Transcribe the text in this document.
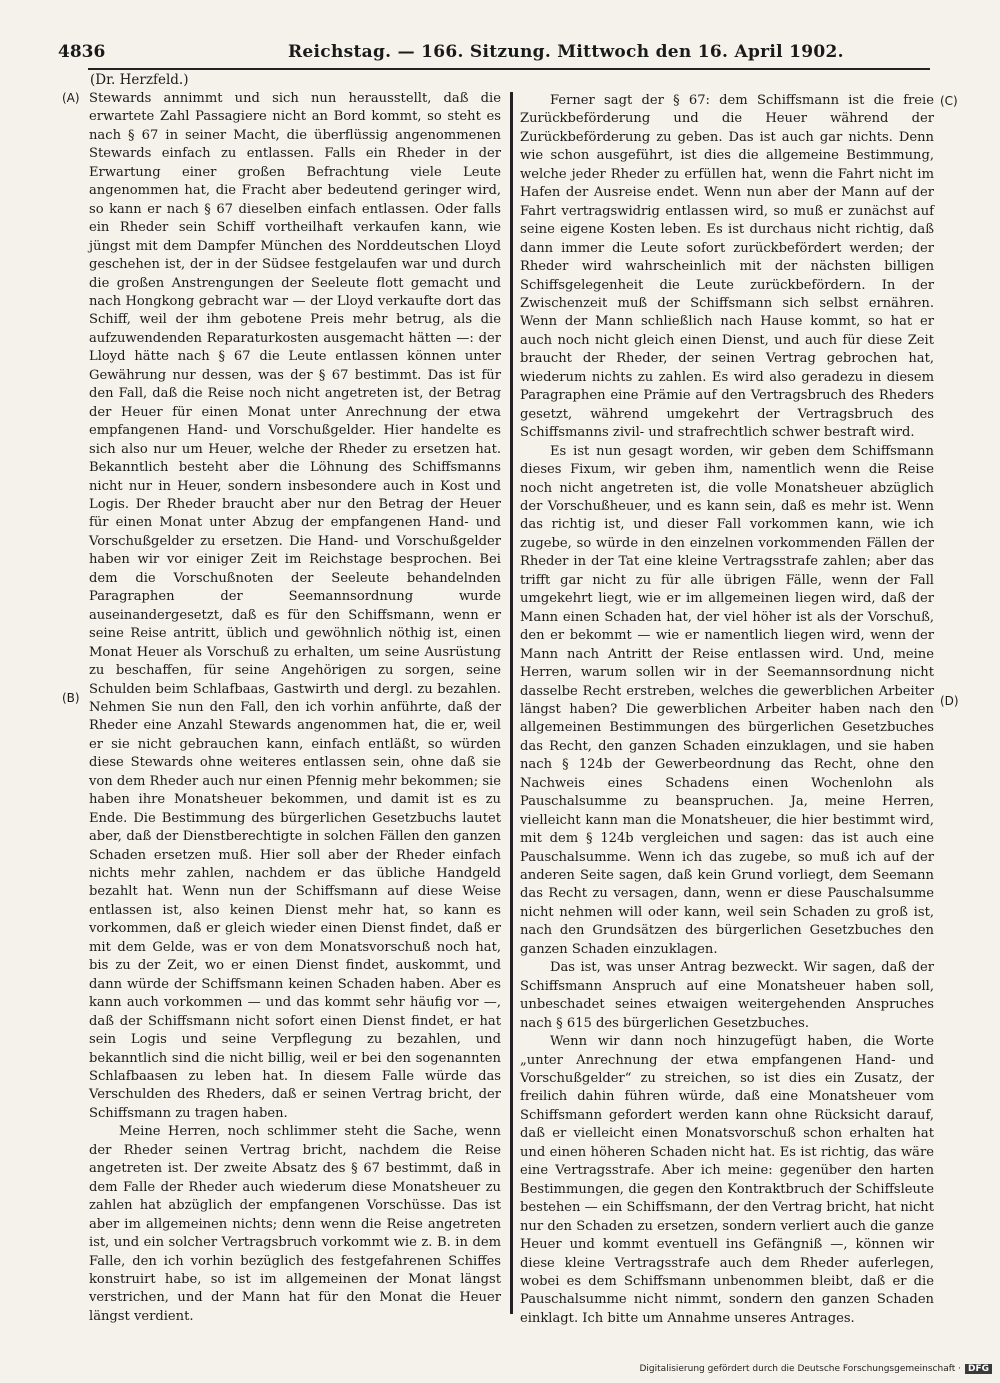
4836	Reichstag. — 166. Sitzung. Mittwoch den 16. April 1902.
(Dr. Herzfeld.)
(A)
(B)
(C)
(D)

Stewards annimmt und sich nun herausstellt, daß die erwartete Zahl Passagiere nicht an Bord kommt, so steht es nach § 67 in seiner Macht, die überflüssig angenommenen Stewards einfach zu entlassen. Falls ein Rheder in der Erwartung einer großen Befrachtung viele Leute angenommen hat, die Fracht aber bedeutend geringer wird, so kann er nach § 67 dieselben einfach entlassen. Oder falls ein Rheder sein Schiff vortheilhaft verkaufen kann, wie jüngst mit dem Dampfer München des Norddeutschen Lloyd geschehen ist, der in der Südsee festgelaufen war und durch die großen Anstrengungen der Seeleute flott gemacht und nach Hongkong gebracht war — der Lloyd verkaufte dort das Schiff, weil der ihm gebotene Preis mehr betrug, als die aufzuwendenden Reparaturkosten ausgemacht hätten —: der Lloyd hätte nach § 67 die Leute entlassen können unter Gewährung nur dessen, was der § 67 bestimmt. Das ist für den Fall, daß die Reise noch nicht angetreten ist, der Betrag der Heuer für einen Monat unter Anrechnung der etwa empfangenen Hand- und Vorschußgelder. Hier handelte es sich also nur um Heuer, welche der Rheder zu ersetzen hat. Bekanntlich besteht aber die Löhnung des Schiffsmanns nicht nur in Heuer, sondern insbesondere auch in Kost und Logis. Der Rheder braucht aber nur den Betrag der Heuer für einen Monat unter Abzug der empfangenen Hand- und Vorschußgelder zu ersetzen. Die Hand- und Vorschußgelder haben wir vor einiger Zeit im Reichstage besprochen. Bei dem die Vorschußnoten der Seeleute behandelnden Paragraphen der Seemannsordnung wurde auseinandergesetzt, daß es für den Schiffsmann, wenn er seine Reise antritt, üblich und gewöhnlich nöthig ist, einen Monat Heuer als Vorschuß zu erhalten, um seine Ausrüstung zu beschaffen, für seine Angehörigen zu sorgen, seine Schulden beim Schlafbaas, Gastwirth und dergl. zu bezahlen. Nehmen Sie nun den Fall, den ich vorhin anführte, daß der Rheder eine Anzahl Stewards angenommen hat, die er, weil er sie nicht gebrauchen kann, einfach entläßt, so würden diese Stewards ohne weiteres entlassen sein, ohne daß sie von dem Rheder auch nur einen Pfennig mehr bekommen; sie haben ihre Monatsheuer bekommen, und damit ist es zu Ende. Die Bestimmung des bürgerlichen Gesetzbuchs lautet aber, daß der Dienstberechtigte in solchen Fällen den ganzen Schaden ersetzen muß. Hier soll aber der Rheder einfach nichts mehr zahlen, nachdem er das übliche Handgeld bezahlt hat. Wenn nun der Schiffsmann auf diese Weise entlassen ist, also keinen Dienst mehr hat, so kann es vorkommen, daß er gleich wieder einen Dienst findet, daß er mit dem Gelde, was er von dem Monatsvorschuß noch hat, bis zu der Zeit, wo er einen Dienst findet, auskommt, und dann würde der Schiffsmann keinen Schaden haben. Aber es kann auch vorkommen — und das kommt sehr häufig vor —, daß der Schiffsmann nicht sofort einen Dienst findet, er hat sein Logis und seine Verpflegung zu bezahlen, und bekanntlich sind die nicht billig, weil er bei den sogenannten Schlafbaasen zu leben hat. In diesem Falle würde das Verschulden des Rheders, daß er seinen Vertrag bricht, der Schiffsmann zu tragen haben.

Meine Herren, noch schlimmer steht die Sache, wenn der Rheder seinen Vertrag bricht, nachdem die Reise angetreten ist. Der zweite Absatz des § 67 bestimmt, daß in dem Falle der Rheder auch wiederum diese Monatsheuer zu zahlen hat abzüglich der empfangenen Vorschüsse. Das ist aber im allgemeinen nichts; denn wenn die Reise angetreten ist, und ein solcher Vertragsbruch vorkommt wie z. B. in dem Falle, den ich vorhin bezüglich des festgefahrenen Schiffes konstruirt habe, so ist im allgemeinen der Monat längst verstrichen, und der Mann hat für den Monat die Heuer längst verdient.

Ferner sagt der § 67: dem Schiffsmann ist die freie Zurückbeförderung und die Heuer während der Zurückbeförderung zu geben. Das ist auch gar nichts. Denn wie schon ausgeführt, ist dies die allgemeine Bestimmung, welche jeder Rheder zu erfüllen hat, wenn die Fahrt nicht im Hafen der Ausreise endet. Wenn nun aber der Mann auf der Fahrt vertragswidrig entlassen wird, so muß er zunächst auf seine eigene Kosten leben. Es ist durchaus nicht richtig, daß dann immer die Leute sofort zurückbefördert werden; der Rheder wird wahrscheinlich mit der nächsten billigen Schiffsgelegenheit die Leute zurückbefördern. In der Zwischenzeit muß der Schiffsmann sich selbst ernähren. Wenn der Mann schließlich nach Hause kommt, so hat er auch noch nicht gleich einen Dienst, und auch für diese Zeit braucht der Rheder, der seinen Vertrag gebrochen hat, wiederum nichts zu zahlen. Es wird also geradezu in diesem Paragraphen eine Prämie auf den Vertragsbruch des Rheders gesetzt, während umgekehrt der Vertragsbruch des Schiffsmanns zivil- und strafrechtlich schwer bestraft wird.

Es ist nun gesagt worden, wir geben dem Schiffsmann dieses Fixum, wir geben ihm, namentlich wenn die Reise noch nicht angetreten ist, die volle Monatsheuer abzüglich der Vorschußheuer, und es kann sein, daß es mehr ist. Wenn das richtig ist, und dieser Fall vorkommen kann, wie ich zugebe, so würde in den einzelnen vorkommenden Fällen der Rheder in der Tat eine kleine Vertragsstrafe zahlen; aber das trifft gar nicht zu für alle übrigen Fälle, wenn der Fall umgekehrt liegt, wie er im allgemeinen liegen wird, daß der Mann einen Schaden hat, der viel höher ist als der Vorschuß, den er bekommt — wie er namentlich liegen wird, wenn der Mann nach Antritt der Reise entlassen wird. Und, meine Herren, warum sollen wir in der Seemannsordnung nicht dasselbe Recht erstreben, welches die gewerblichen Arbeiter längst haben? Die gewerblichen Arbeiter haben nach den allgemeinen Bestimmungen des bürgerlichen Gesetzbuches das Recht, den ganzen Schaden einzuklagen, und sie haben nach § 124b der Gewerbeordnung das Recht, ohne den Nachweis eines Schadens einen Wochenlohn als Pauschalsumme zu beanspruchen. Ja, meine Herren, vielleicht kann man die Monatsheuer, die hier bestimmt wird, mit dem § 124b vergleichen und sagen: das ist auch eine Pauschalsumme. Wenn ich das zugebe, so muß ich auf der anderen Seite sagen, daß kein Grund vorliegt, dem Seemann das Recht zu versagen, dann, wenn er diese Pauschalsumme nicht nehmen will oder kann, weil sein Schaden zu groß ist, nach den Grundsätzen des bürgerlichen Gesetzbuches den ganzen Schaden einzuklagen.

Das ist, was unser Antrag bezweckt. Wir sagen, daß der Schiffsmann Anspruch auf eine Monatsheuer haben soll, unbeschadet seines etwaigen weitergehenden Anspruches nach § 615 des bürgerlichen Gesetzbuches.

Wenn wir dann noch hinzugefügt haben, die Worte „unter Anrechnung der etwa empfangenen Hand- und Vorschußgelder“ zu streichen, so ist dies ein Zusatz, der freilich dahin führen würde, daß eine Monatsheuer vom Schiffsmann gefordert werden kann ohne Rücksicht darauf, daß er vielleicht einen Monatsvorschuß schon erhalten hat und einen höheren Schaden nicht hat. Es ist richtig, das wäre eine Vertragsstrafe. Aber ich meine: gegenüber den harten Bestimmungen, die gegen den Kontraktbruch der Schiffsleute bestehen — ein Schiffsmann, der den Vertrag bricht, hat nicht nur den Schaden zu ersetzen, sondern verliert auch die ganze Heuer und kommt eventuell ins Gefängniß —, können wir diese kleine Vertragsstrafe auch dem Rheder auferlegen, wobei es dem Schiffsmann unbenommen bleibt, daß er die Pauschalsumme nicht nimmt, sondern den ganzen Schaden einklagt. Ich bitte um Annahme unseres Antrages.

Digitalisierung gefördert durch die Deutsche Forschungsgemeinschaft · DFG
